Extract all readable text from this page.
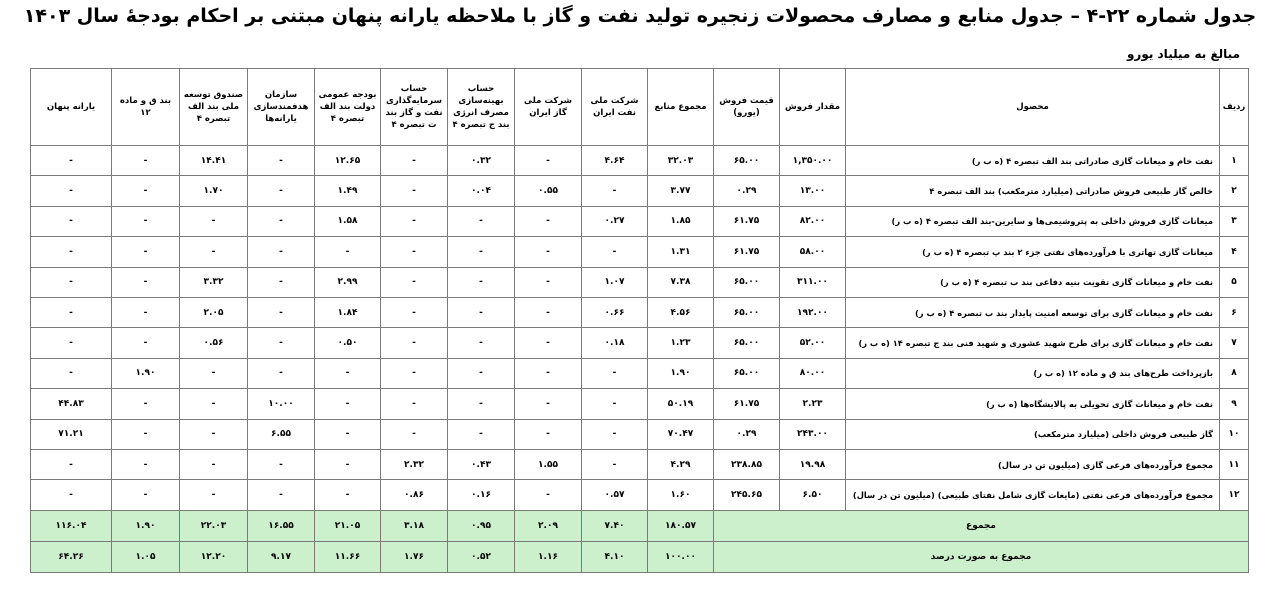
جدول شماره ۲۲-۴ – جدول منابع و مصارف محصولات زنجیره تولید نفت و گاز با ملاحظه یارانه پنهان مبتنی بر احکام بودجهٔ سال ۱۴۰۳
مبالغ به میلیاد یورو
ردیف	محصول	مقدار فروش	قیمت فروش (یورو)	مجموع منابع	شرکت ملی نفت ایران	شرکت ملی گاز ایران	حساب بهینه‌سازی مصرف انرژی بند ج تبصره ۴	حساب سرمایه‌گذاری نفت و گاز بند ت تبصره ۴	بودجه عمومی دولت بند الف تبصره ۴	سازمان هدفمندسازی یارانه‌ها	صندوق توسعه ملی بند الف تبصره ۴	بند ق و ماده ۱۲	یارانه پنهان
۱	نفت خام و میعانات گازی صادراتی بند الف تبصره ۴ (ه ب ر)	۱,۳۵۰.۰۰	۶۵.۰۰	۳۲.۰۳	۴.۶۴	-	۰.۳۲	-	۱۲.۶۵	-	۱۴.۴۱	-	-
۲	خالص گاز طبیعی فروش صادراتی (میلیارد مترمکعب) بند الف تبصره ۴	۱۳.۰۰	۰.۲۹	۳.۷۷	-	۰.۵۵	۰.۰۴	-	۱.۴۹	-	۱.۷۰	-	-
۳	میعانات گازی فروش داخلی به پتروشیمی‌ها و سایرین-بند الف تبصره ۴ (ه ب ر)	۸۲.۰۰	۶۱.۷۵	۱.۸۵	۰.۲۷	-	-	-	۱.۵۸	-	-	-	-
۴	میعانات گازی تهاتری با فرآورده‌های نفتی جزء ۲ بند پ تبصره ۴ (ه ب ر)	۵۸.۰۰	۶۱.۷۵	۱.۳۱	-	-	-	-	-	-	-	-	-
۵	نفت خام و میعانات گازی تقویت بنیه دفاعی بند ب تبصره ۴ (ه ب ر)	۳۱۱.۰۰	۶۵.۰۰	۷.۳۸	۱.۰۷	-	-	-	۲.۹۹	-	۳.۳۲	-	-
۶	نفت خام و میعانات گازی برای توسعه امنیت پایدار بند ب تبصره ۴ (ه ب ر)	۱۹۲.۰۰	۶۵.۰۰	۴.۵۶	۰.۶۶	-	-	-	۱.۸۴	-	۲.۰۵	-	-
۷	نفت خام و میعانات گازی برای طرح شهید عشوری و شهید فنی بند ج تبصره ۱۴ (ه ب ر)	۵۲.۰۰	۶۵.۰۰	۱.۲۳	۰.۱۸	-	-	-	۰.۵۰	-	۰.۵۶	-	-
۸	بازپرداخت طرح‌های بند ق و ماده ۱۲ (ه ب ر)	۸۰.۰۰	۶۵.۰۰	۱.۹۰	-	-	-	-	-	-	-	۱.۹۰	-
۹	نفت خام و میعانات گازی تحویلی به پالایشگاه‌ها (ه ب ر)	۲.۲۳	۶۱.۷۵	۵۰.۱۹	-	-	-	-	-	۱۰.۰۰	-	-	۴۴.۸۳
۱۰	گاز طبیعی فروش داخلی (میلیارد مترمکعب)	۲۴۳.۰۰	۰.۲۹	۷۰.۴۷	-	-	-	-	-	۶.۵۵	-	-	۷۱.۲۱
۱۱	مجموع فرآورده‌های فرعی گازی (میلیون تن در سال)	۱۹.۹۸	۲۳۸.۸۵	۴.۲۹	-	۱.۵۵	۰.۴۳	۲.۳۲	-	-	-	-	-
۱۲	مجموع فرآورده‌های فرعی نفتی (مایعات گازی شامل نفتای طبیعی) (میلیون تن در سال)	۶.۵۰	۲۴۵.۶۵	۱.۶۰	۰.۵۷	-	۰.۱۶	۰.۸۶	-	-	-	-	-
مجموع				۱۸۰.۵۷	۷.۴۰	۲.۰۹	۰.۹۵	۳.۱۸	۲۱.۰۵	۱۶.۵۵	۲۲.۰۳	۱.۹۰	۱۱۶.۰۴
مجموع به صورت درصد				۱۰۰.۰۰	۴.۱۰	۱.۱۶	۰.۵۲	۱.۷۶	۱۱.۶۶	۹.۱۷	۱۲.۲۰	۱.۰۵	۶۴.۲۶
